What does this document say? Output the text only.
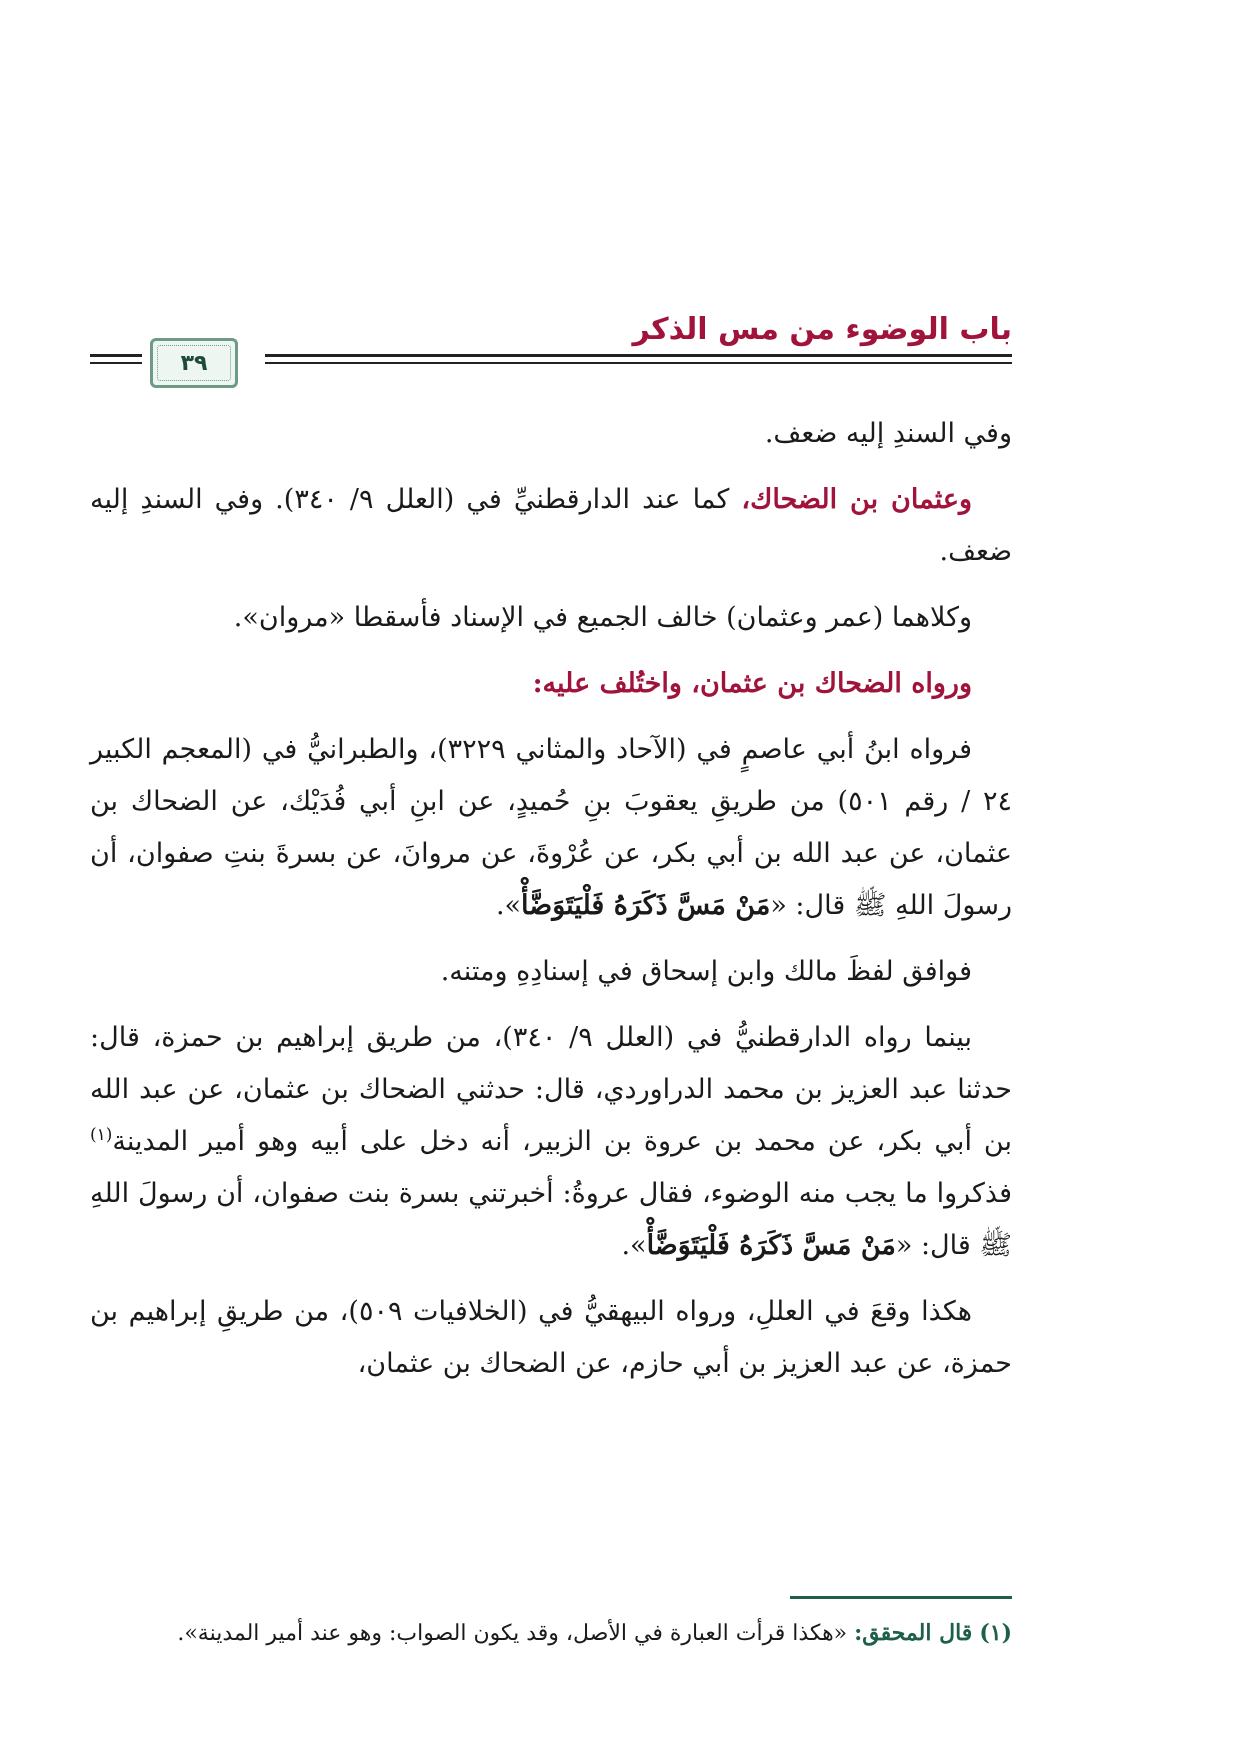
باب الوضوء من مس الذكر
٣٩

وفي السندِ إليه ضعف.

وعثمان بن الضحاك، كما عند الدارقطنيِّ في (العلل ٩/ ٣٤٠). وفي السندِ إليه ضعف.

وكلاهما (عمر وعثمان) خالف الجميع في الإسناد فأسقطا «مروان».

ورواه الضحاك بن عثمان، واختُلف عليه:

فرواه ابنُ أبي عاصمٍ في (الآحاد والمثاني ٣٢٢٩)، والطبرانيُّ في (المعجم الكبير ٢٤ / رقم ٥٠١) من طريقِ يعقوبَ بنِ حُميدٍ، عن ابنِ أبي فُدَيْك، عن الضحاك بن عثمان، عن عبد الله بن أبي بكر، عن عُرْوةَ، عن مروانَ، عن بسرةَ بنتِ صفوان، أن رسولَ اللهِ ﷺ قال: «مَنْ مَسَّ ذَكَرَهُ فَلْيَتَوَضَّأْ».

فوافق لفظَ مالك وابن إسحاق في إسنادِهِ ومتنه.

بينما رواه الدارقطنيُّ في (العلل ٩/ ٣٤٠)، من طريق إبراهيم بن حمزة، قال: حدثنا عبد العزيز بن محمد الدراوردي، قال: حدثني الضحاك بن عثمان، عن عبد الله بن أبي بكر، عن محمد بن عروة بن الزبير، أنه دخل على أبيه وهو أمير المدينة$^{(١)}$ فذكروا ما يجب منه الوضوء، فقال عروةُ: أخبرتني بسرة بنت صفوان، أن رسولَ اللهِ ﷺ قال: «مَنْ مَسَّ ذَكَرَهُ فَلْيَتَوَضَّأْ».

هكذا وقعَ في العللِ، ورواه البيهقيُّ في (الخلافيات ٥٠٩)، من طريقِ إبراهيم بن حمزة، عن عبد العزيز بن أبي حازم، عن الضحاك بن عثمان،

(١) قال المحقق: «هكذا قرأت العبارة في الأصل، وقد يكون الصواب: وهو عند أمير المدينة».
